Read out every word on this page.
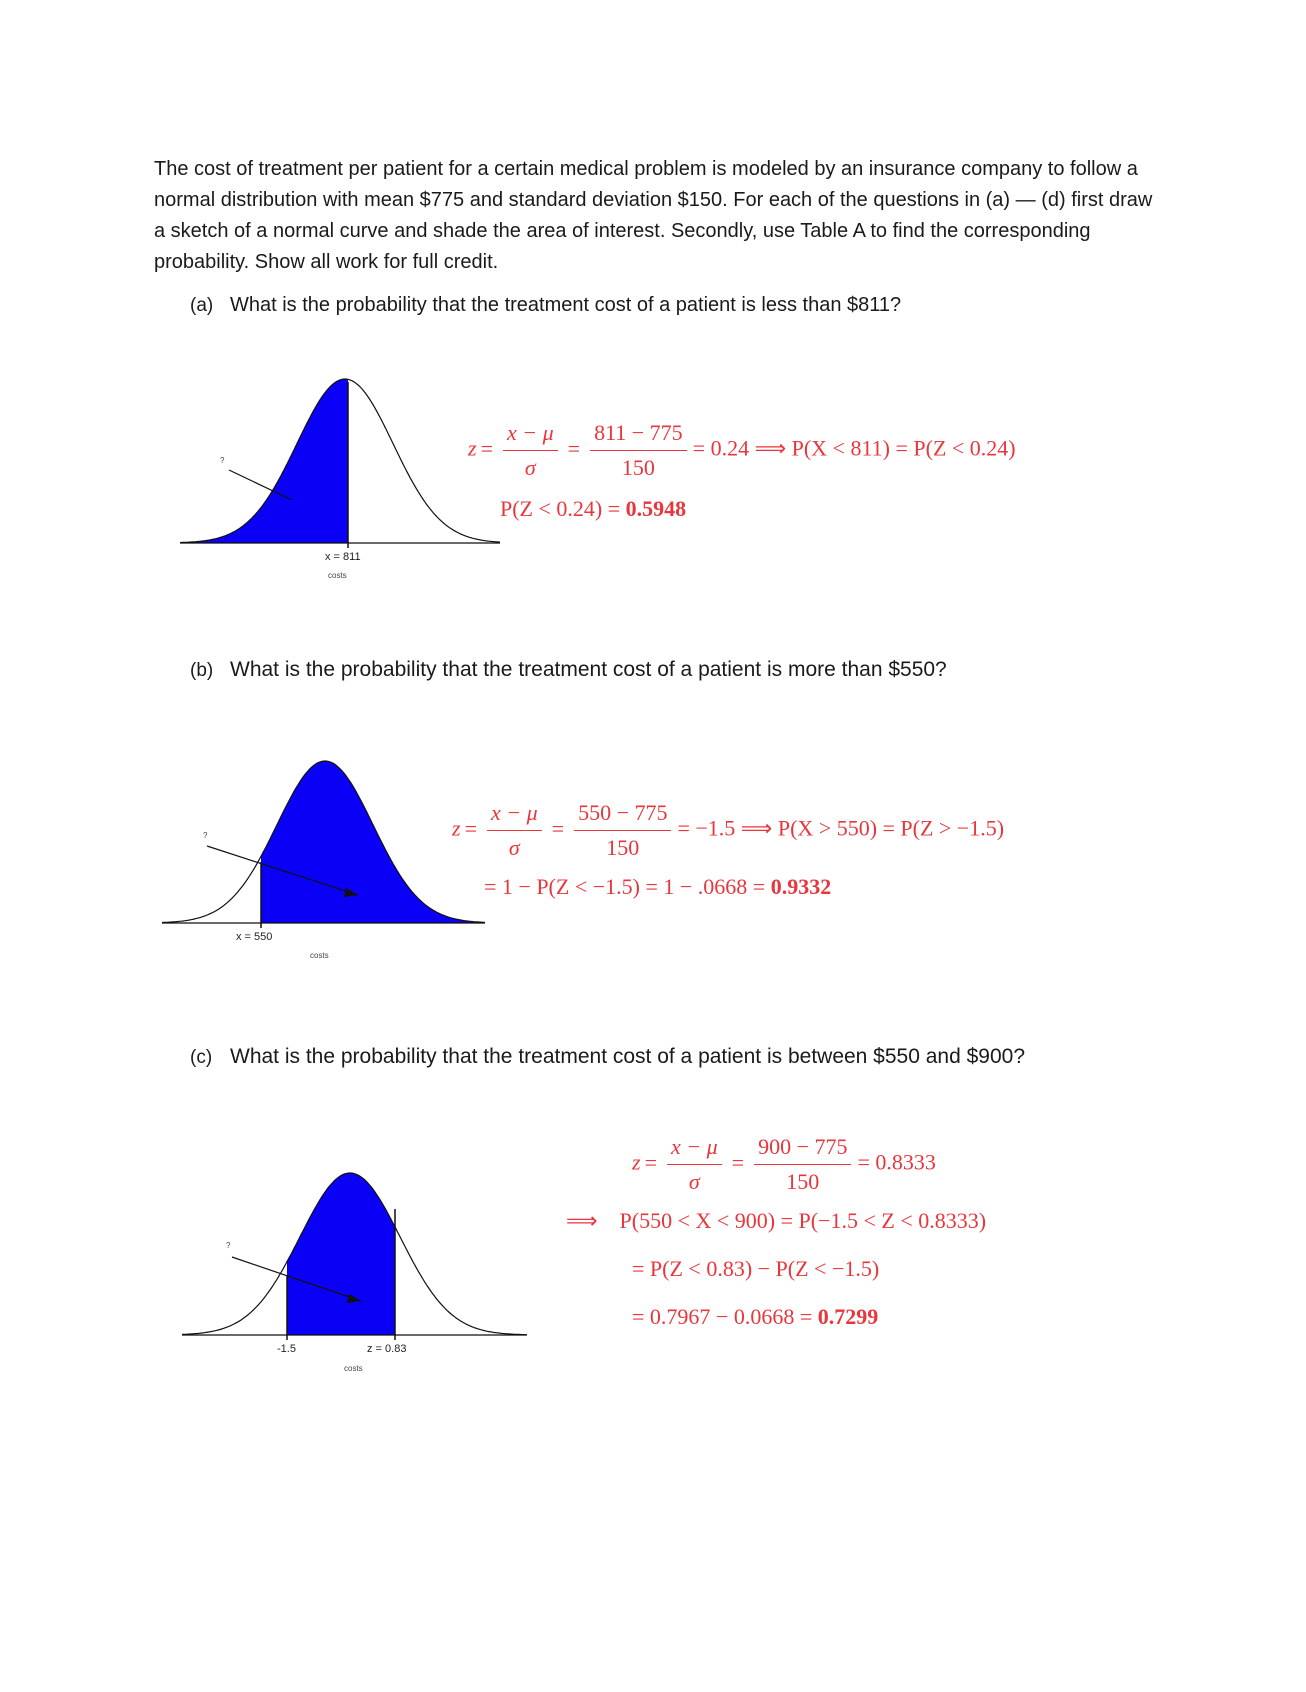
The cost of treatment per patient for a certain medical problem is modeled by an insurance company to follow a normal distribution with mean $775 and standard deviation $150. For each of the questions in (a) — (d) first draw a sketch of a normal curve and shade the area of interest. Secondly, use Table A to find the corresponding probability. Show all work for full credit.

(a) What is the probability that the treatment cost of a patient is less than $811?

?
x = 811
costs
?
x = 550
costs
?
-1.5	z = 0.83
costs
$z = \frac{x - \mu}{\sigma} = \frac{811 - 775}{150} = 0.24$ ⟹ P(X < 811) = P(Z < 0.24)
P(Z < 0.24) = 0.5948

(b) What is the probability that the treatment cost of a patient is more than $550?

$z = \frac{x - \mu}{\sigma} = \frac{550 - 775}{150} = -1.5$ ⟹ P(X > 550) = P(Z > −1.5)
= 1 − P(Z < −1.5) = 1 − .0668 = 0.9332

(c) What is the probability that the treatment cost of a patient is between $550 and $900?

$z = \frac{x - \mu}{\sigma} = \frac{900 - 775}{150} = 0.8333$
⟹ P(550 < X < 900) = P(−1.5 < Z < 0.8333)
= P(Z < 0.83) − P(Z < −1.5)
= 0.7967 − 0.0668 = 0.7299
